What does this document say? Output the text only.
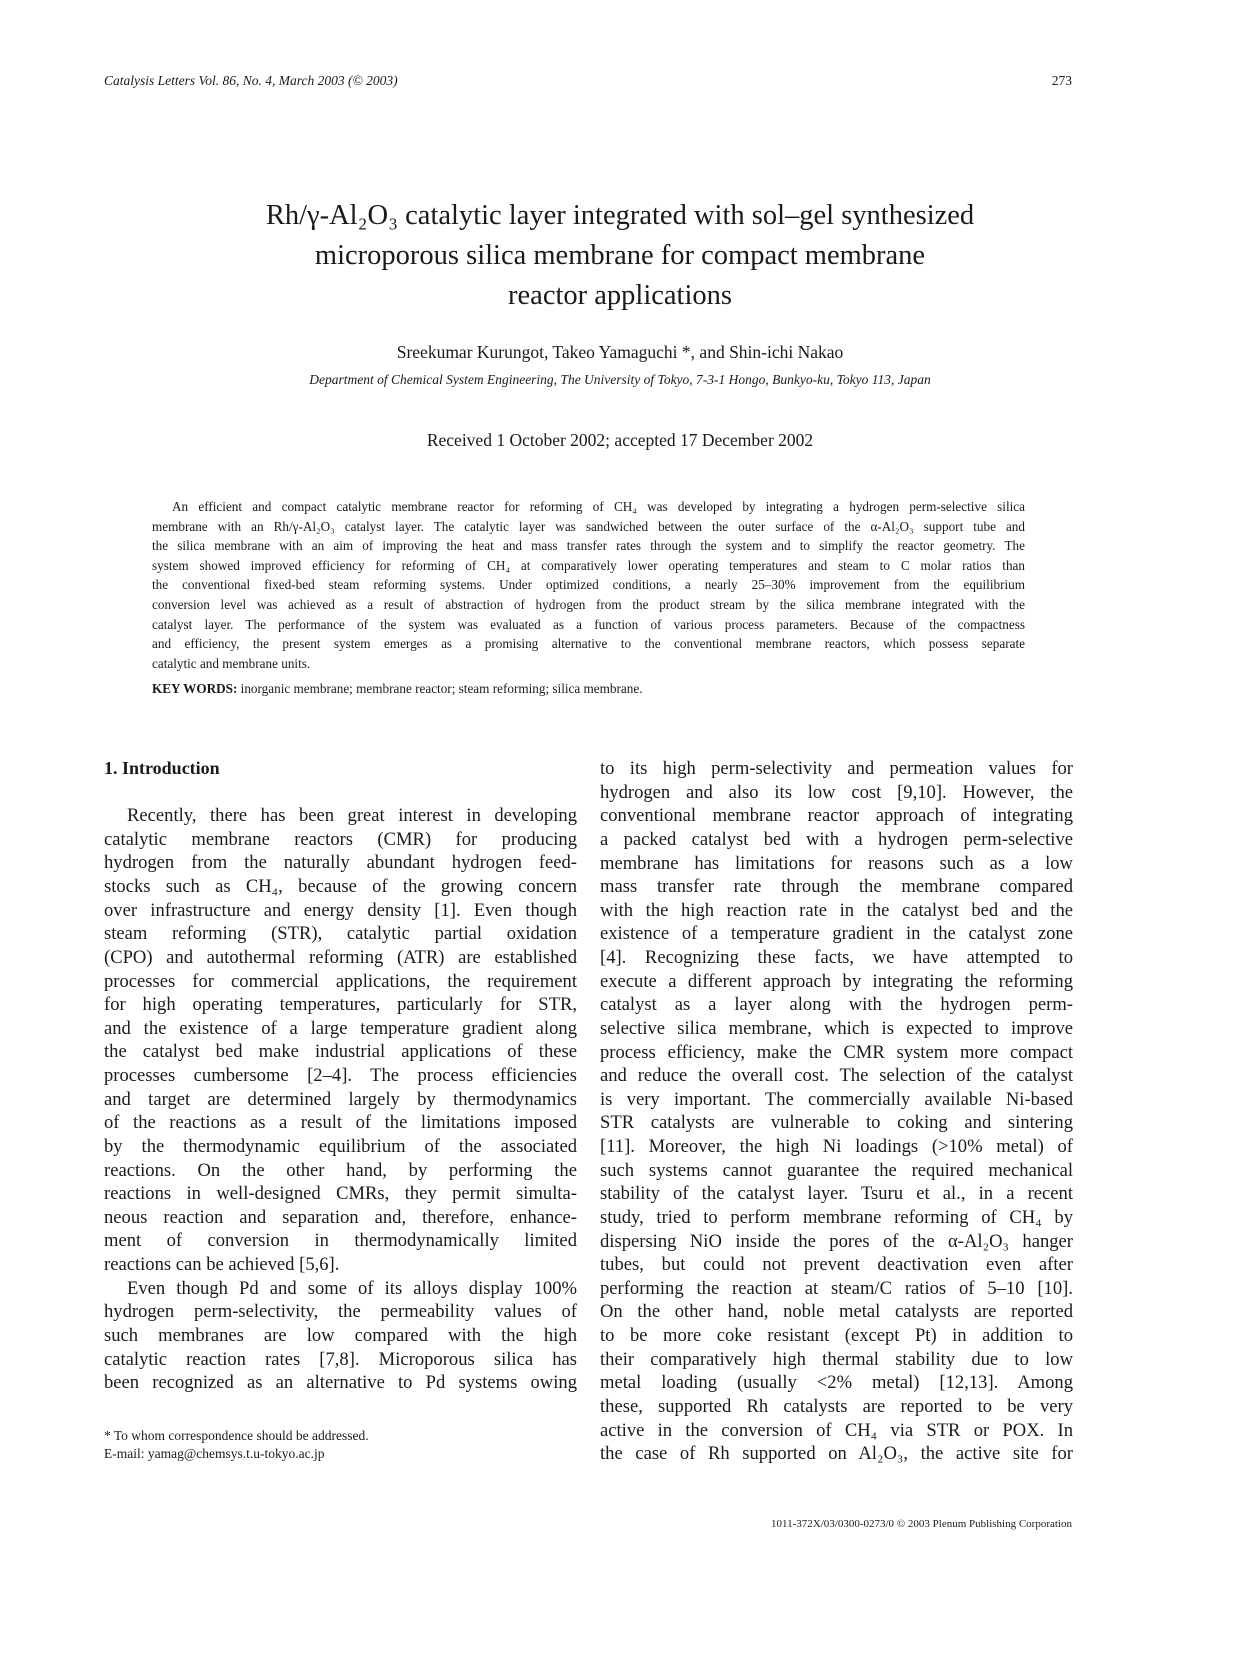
Catalysis Letters Vol. 86, No. 4, March 2003 (© 2003)	273
Rh/γ-Al₂O₃ catalytic layer integrated with sol–gel synthesized
microporous silica membrane for compact membrane
reactor applications
Sreekumar Kurungot, Takeo Yamaguchi *, and Shin-ichi Nakao
Department of Chemical System Engineering, The University of Tokyo, 7-3-1 Hongo, Bunkyo-ku, Tokyo 113, Japan
Received 1 October 2002; accepted 17 December 2002
An efficient and compact catalytic membrane reactor for reforming of CH₄ was developed by integrating a hydrogen perm-selective silica
membrane with an Rh/γ-Al₂O₃ catalyst layer. The catalytic layer was sandwiched between the outer surface of the α-Al₂O₃ support tube and
the silica membrane with an aim of improving the heat and mass transfer rates through the system and to simplify the reactor geometry. The
system showed improved efficiency for reforming of CH₄ at comparatively lower operating temperatures and steam to C molar ratios than
the conventional fixed-bed steam reforming systems. Under optimized conditions, a nearly 25–30% improvement from the equilibrium
conversion level was achieved as a result of abstraction of hydrogen from the product stream by the silica membrane integrated with the
catalyst layer. The performance of the system was evaluated as a function of various process parameters. Because of the compactness
and efficiency, the present system emerges as a promising alternative to the conventional membrane reactors, which possess separate
catalytic and membrane units.
KEY WORDS: inorganic membrane; membrane reactor; steam reforming; silica membrane.
1. Introduction
Recently, there has been great interest in developing
catalytic membrane reactors (CMR) for producing
hydrogen from the naturally abundant hydrogen feed-
stocks such as CH₄, because of the growing concern
over infrastructure and energy density [1]. Even though
steam reforming (STR), catalytic partial oxidation
(CPO) and autothermal reforming (ATR) are established
processes for commercial applications, the requirement
for high operating temperatures, particularly for STR,
and the existence of a large temperature gradient along
the catalyst bed make industrial applications of these
processes cumbersome [2–4]. The process efficiencies
and target are determined largely by thermodynamics
of the reactions as a result of the limitations imposed
by the thermodynamic equilibrium of the associated
reactions. On the other hand, by performing the
reactions in well-designed CMRs, they permit simulta-
neous reaction and separation and, therefore, enhance-
ment of conversion in thermodynamically limited
reactions can be achieved [5,6].
Even though Pd and some of its alloys display 100%
hydrogen perm-selectivity, the permeability values of
such membranes are low compared with the high
catalytic reaction rates [7,8]. Microporous silica has
been recognized as an alternative to Pd systems owing
to its high perm-selectivity and permeation values for
hydrogen and also its low cost [9,10]. However, the
conventional membrane reactor approach of integrating
a packed catalyst bed with a hydrogen perm-selective
membrane has limitations for reasons such as a low
mass transfer rate through the membrane compared
with the high reaction rate in the catalyst bed and the
existence of a temperature gradient in the catalyst zone
[4]. Recognizing these facts, we have attempted to
execute a different approach by integrating the reforming
catalyst as a layer along with the hydrogen perm-
selective silica membrane, which is expected to improve
process efficiency, make the CMR system more compact
and reduce the overall cost. The selection of the catalyst
is very important. The commercially available Ni-based
STR catalysts are vulnerable to coking and sintering
[11]. Moreover, the high Ni loadings (>10% metal) of
such systems cannot guarantee the required mechanical
stability of the catalyst layer. Tsuru et al., in a recent
study, tried to perform membrane reforming of CH₄ by
dispersing NiO inside the pores of the α-Al₂O₃ hanger
tubes, but could not prevent deactivation even after
performing the reaction at steam/C ratios of 5–10 [10].
On the other hand, noble metal catalysts are reported
to be more coke resistant (except Pt) in addition to
their comparatively high thermal stability due to low
metal loading (usually <2% metal) [12,13]. Among
these, supported Rh catalysts are reported to be very
active in the conversion of CH₄ via STR or POX. In
the case of Rh supported on Al₂O₃, the active site for
* To whom correspondence should be addressed.
E-mail: yamag@chemsys.t.u-tokyo.ac.jp
1011-372X/03/0300-0273/0 © 2003 Plenum Publishing Corporation
